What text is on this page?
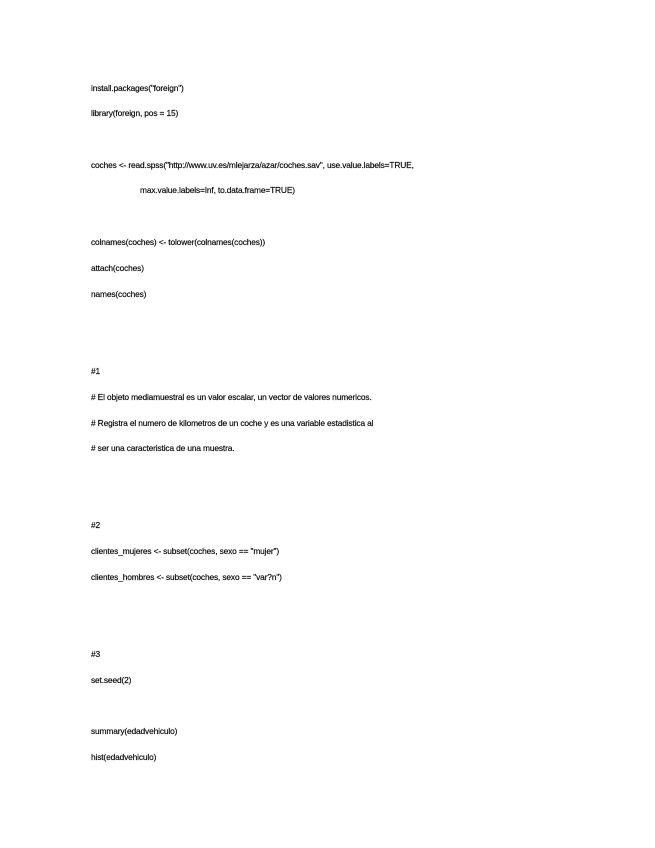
install.packages("foreign")
library(foreign, pos = 15)
coches <- read.spss("http://www.uv.es/mlejarza/azar/coches.sav", use.value.labels=TRUE,
max.value.labels=Inf, to.data.frame=TRUE)
colnames(coches) <- tolower(colnames(coches))
attach(coches)
names(coches)
#1
# El objeto mediamuestral es un valor escalar, un vector de valores numericos.
# Registra el numero de kilometros de un coche y es una variable estadistica al
# ser una caracteristica de una muestra.
#2
clientes_mujeres <- subset(coches, sexo == "mujer")
clientes_hombres <- subset(coches, sexo == "var?n")
#3
set.seed(2)
summary(edadvehiculo)
hist(edadvehiculo)
